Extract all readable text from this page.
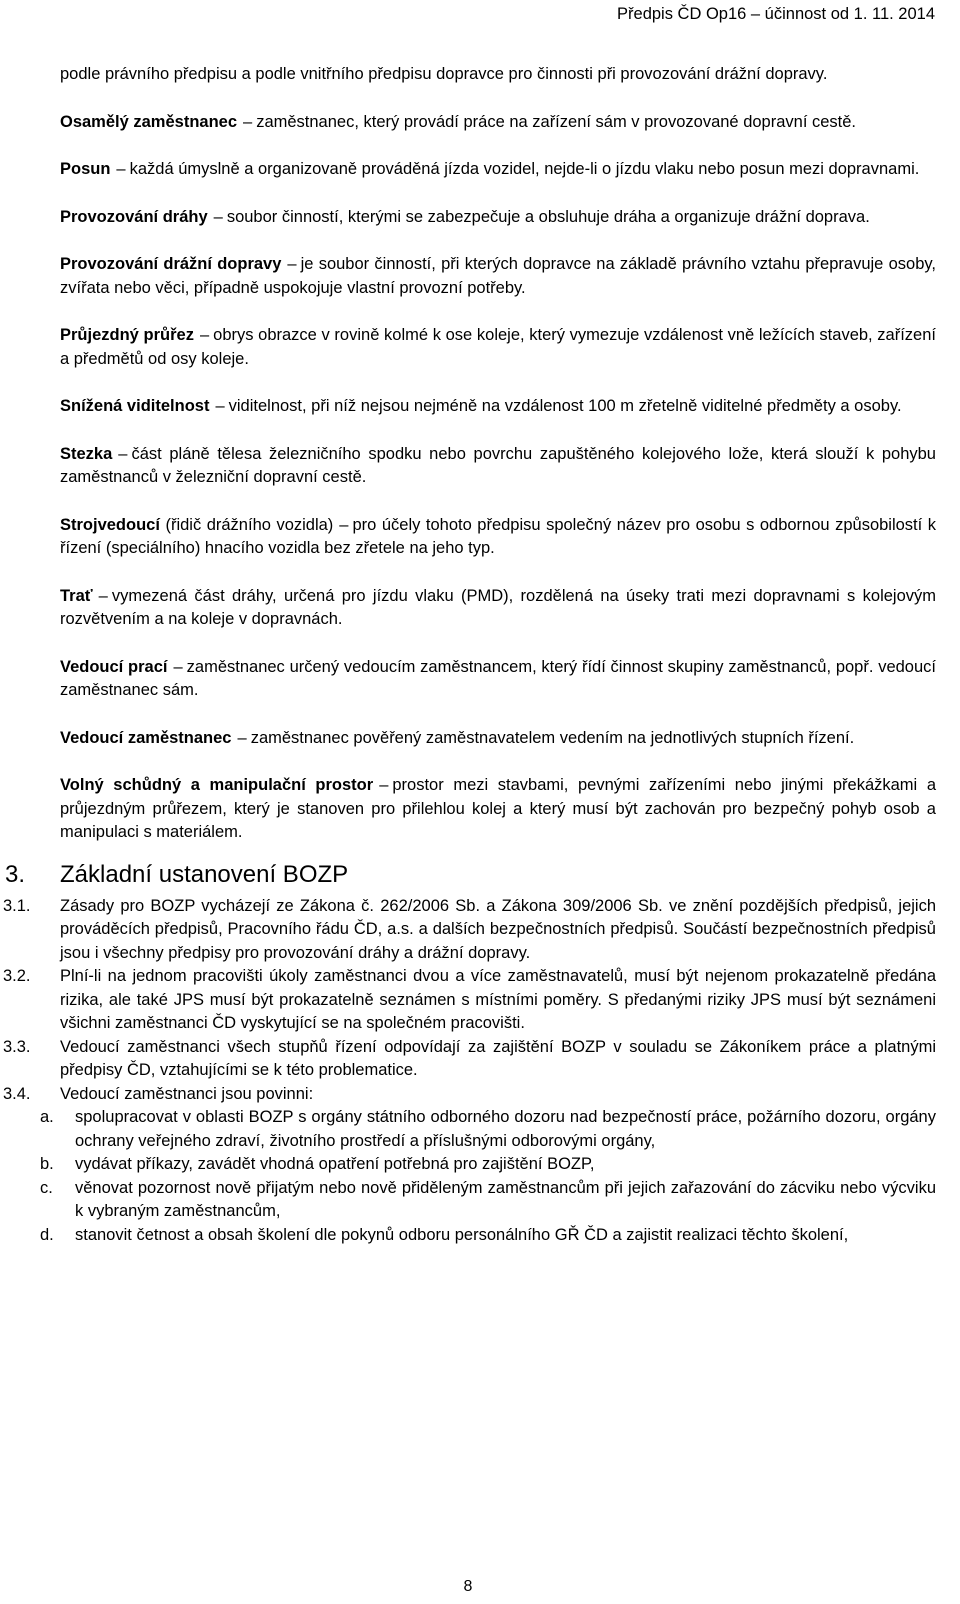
Předpis ČD Op16 – účinnost od 1. 11. 2014

podle právního předpisu a podle vnitřního předpisu dopravce pro činnosti při provozování drážní dopravy.

Osamělý zaměstnanec – zaměstnanec, který provádí práce na zařízení sám v provozované dopravní cestě.

Posun – každá úmyslně a organizovaně prováděná jízda vozidel, nejde-li o jízdu vlaku nebo posun mezi dopravnami.

Provozování dráhy – soubor činností, kterými se zabezpečuje a obsluhuje dráha a organizuje drážní doprava.

Provozování drážní dopravy – je soubor činností, při kterých dopravce na základě právního vztahu přepravuje osoby, zvířata nebo věci, případně uspokojuje vlastní provozní potřeby.

Průjezdný průřez – obrys obrazce v rovině kolmé k ose koleje, který vymezuje vzdálenost vně ležících staveb, zařízení a předmětů od osy koleje.

Snížená viditelnost – viditelnost, při níž nejsou nejméně na vzdálenost 100 m zřetelně viditelné předměty a osoby.

Stezka – část pláně tělesa železničního spodku nebo povrchu zapuštěného kolejového lože, která slouží k pohybu zaměstnanců v železniční dopravní cestě.

Strojvedoucí (řidič drážního vozidla) – pro účely tohoto předpisu společný název pro osobu s odbornou způsobilostí k řízení (speciálního) hnacího vozidla bez zřetele na jeho typ.

Trať – vymezená část dráhy, určená pro jízdu vlaku (PMD), rozdělená na úseky trati mezi dopravnami s kolejovým rozvětvením a na koleje v dopravnách.

Vedoucí prací – zaměstnanec určený vedoucím zaměstnancem, který řídí činnost skupiny zaměstnanců, popř. vedoucí zaměstnanec sám.

Vedoucí zaměstnanec – zaměstnanec pověřený zaměstnavatelem vedením na jednotlivých stupních řízení.

Volný schůdný a manipulační prostor – prostor mezi stavbami, pevnými zařízeními nebo jinými překážkami a průjezdným průřezem, který je stanoven pro přilehlou kolej a který musí být zachován pro bezpečný pohyb osob a manipulaci s materiálem.

3. Základní ustanovení BOZP

3.1. Zásady pro BOZP vycházejí ze Zákona č. 262/2006 Sb. a Zákona 309/2006 Sb. ve znění pozdějších předpisů, jejich prováděcích předpisů, Pracovního řádu ČD, a.s. a dalších bezpečnostních předpisů. Součástí bezpečnostních předpisů jsou i všechny předpisy pro provozování dráhy a drážní dopravy.

3.2. Plní-li na jednom pracovišti úkoly zaměstnanci dvou a více zaměstnavatelů, musí být nejenom prokazatelně předána rizika, ale také JPS musí být prokazatelně seznámen s místními poměry. S předanými riziky JPS musí být seznámeni všichni zaměstnanci ČD vyskytující se na společném pracovišti.

3.3. Vedoucí zaměstnanci všech stupňů řízení odpovídají za zajištění BOZP v souladu se Zákoníkem práce a platnými předpisy ČD, vztahujícími se k této problematice.

3.4. Vedoucí zaměstnanci jsou povinni:

a. spolupracovat v oblasti BOZP s orgány státního odborného dozoru nad bezpečností práce, požárního dozoru, orgány ochrany veřejného zdraví, životního prostředí a příslušnými odborovými orgány,

b. vydávat příkazy, zavádět vhodná opatření potřebná pro zajištění BOZP,

c. věnovat pozornost nově přijatým nebo nově přiděleným zaměstnancům při jejich zařazování do zácviku nebo výcviku k vybraným zaměstnancům,

d. stanovit četnost a obsah školení dle pokynů odboru personálního GŘ ČD a zajistit realizaci těchto školení,

8
